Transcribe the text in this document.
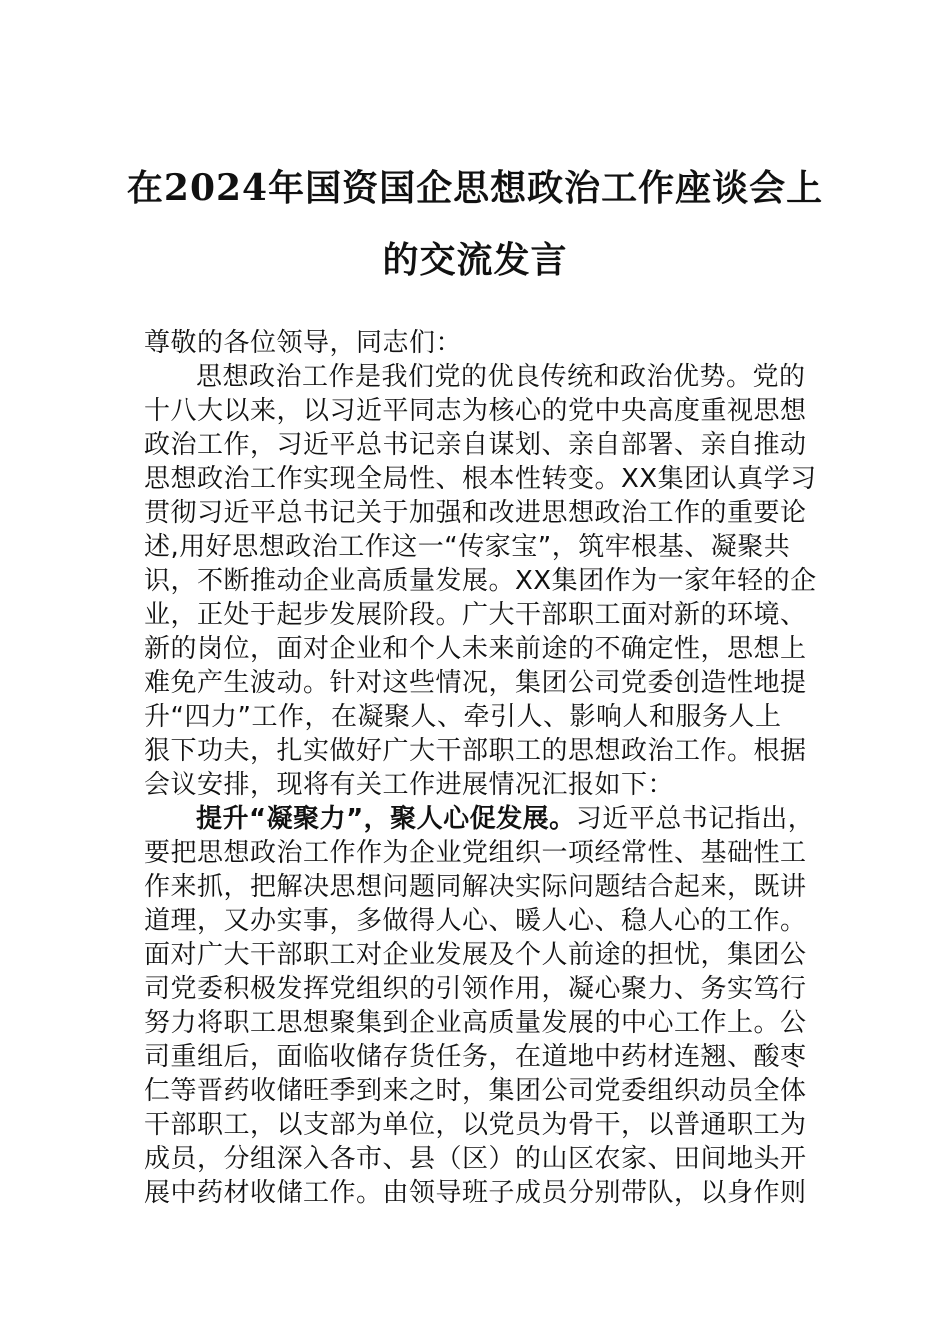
在2024年国资国企思想政治工作座谈会上
的交流发言
尊敬的各位领导，同志们：
思想政治工作是我们党的优良传统和政治优势。党的
十八大以来，以习近平同志为核心的党中央高度重视思想
政治工作，习近平总书记亲自谋划、亲自部署、亲自推动
思想政治工作实现全局性、根本性转变。XX集团认真学习
贯彻习近平总书记关于加强和改进思想政治工作的重要论
述,用好思想政治工作这一“传家宝”，筑牢根基、凝聚共
识，不断推动企业高质量发展。XX集团作为一家年轻的企
业，正处于起步发展阶段。广大干部职工面对新的环境、
新的岗位，面对企业和个人未来前途的不确定性，思想上
难免产生波动。针对这些情况，集团公司党委创造性地提
升“四力”工作，在凝聚人、牵引人、影响人和服务人上
狠下功夫，扎实做好广大干部职工的思想政治工作。根据
会议安排，现将有关工作进展情况汇报如下：
提升“凝聚力”，聚人心促发展。习近平总书记指出，
要把思想政治工作作为企业党组织一项经常性、基础性工
作来抓，把解决思想问题同解决实际问题结合起来，既讲
道理，又办实事，多做得人心、暖人心、稳人心的工作。
面对广大干部职工对企业发展及个人前途的担忧，集团公
司党委积极发挥党组织的引领作用，凝心聚力、务实笃行
努力将职工思想聚集到企业高质量发展的中心工作上。公
司重组后，面临收储存货任务，在道地中药材连翘、酸枣
仁等晋药收储旺季到来之时，集团公司党委组织动员全体
干部职工，以支部为单位，以党员为骨干，以普通职工为
成员，分组深入各市、县（区）的山区农家、田间地头开
展中药材收储工作。由领导班子成员分别带队，以身作则
